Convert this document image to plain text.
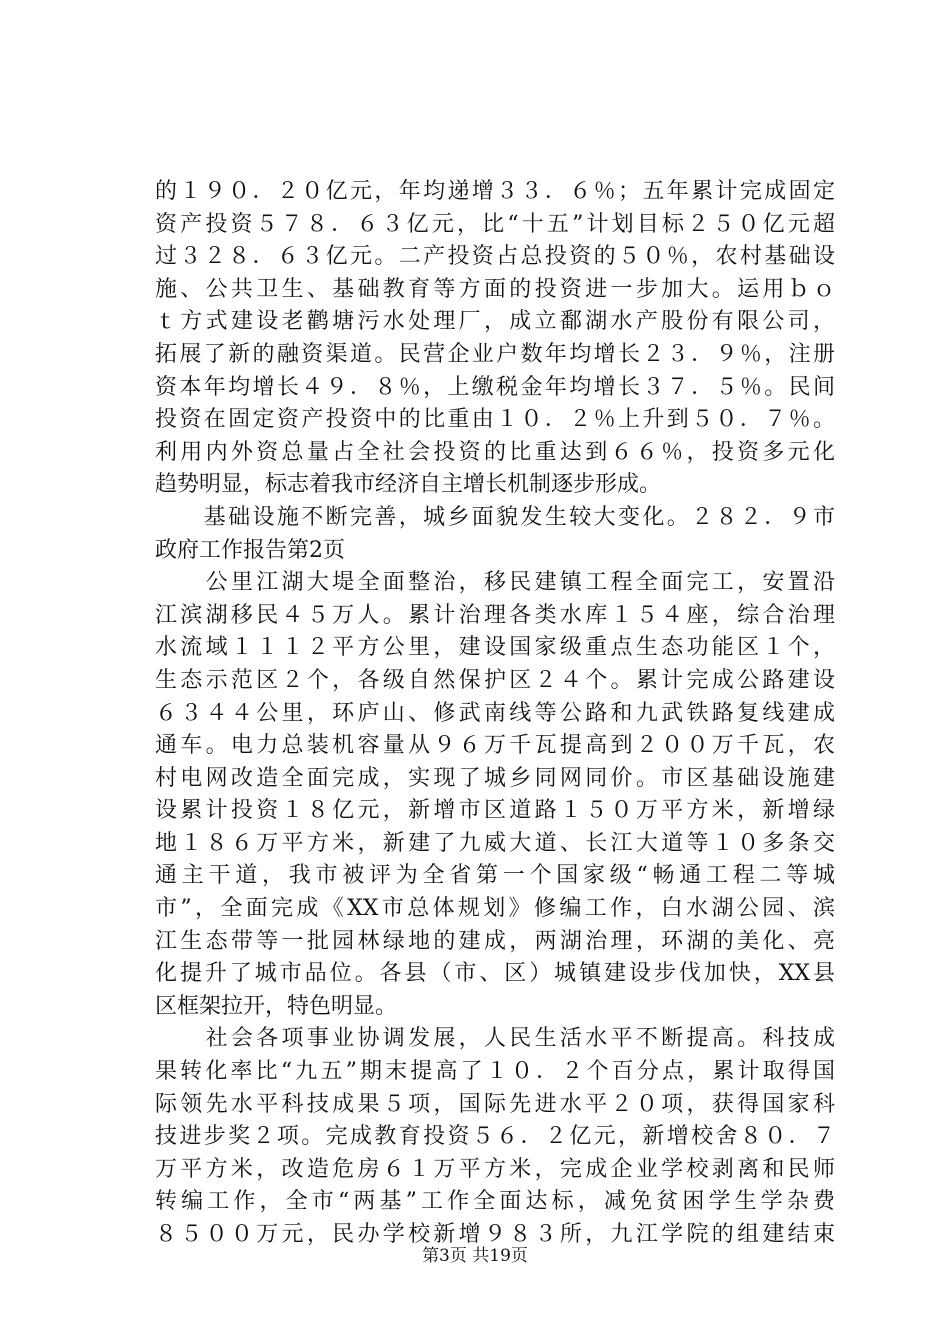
的１９０．２０亿元，年均递增３３．６％；五年累计完成固定
资产投资５７８．６３亿元，比“十五”计划目标２５０亿元超
过３２８．６３亿元。二产投资占总投资的５０％，农村基础设
施、公共卫生、基础教育等方面的投资进一步加大。运用ｂｏ
ｔ方式建设老鹳塘污水处理厂，成立鄱湖水产股份有限公司，
拓展了新的融资渠道。民营企业户数年均增长２３．９％，注册
资本年均增长４９．８％，上缴税金年均增长３７．５％。民间
投资在固定资产投资中的比重由１０．２％上升到５０．７％。
利用内外资总量占全社会投资的比重达到６６％，投资多元化
趋势明显，标志着我市经济自主增长机制逐步形成。
　　基础设施不断完善，城乡面貌发生较大变化。２８２．９市
政府工作报告第2页
　　公里江湖大堤全面整治，移民建镇工程全面完工，安置沿
江滨湖移民４５万人。累计治理各类水库１５４座，综合治理
水流域１１１２平方公里，建设国家级重点生态功能区１个，
生态示范区２个，各级自然保护区２４个。累计完成公路建设
６３４４公里，环庐山、修武南线等公路和九武铁路复线建成
通车。电力总装机容量从９６万千瓦提高到２００万千瓦，农
村电网改造全面完成，实现了城乡同网同价。市区基础设施建
设累计投资１８亿元，新增市区道路１５０万平方米，新增绿
地１８６万平方米，新建了九威大道、长江大道等１０多条交
通主干道，我市被评为全省第一个国家级“畅通工程二等城
市”，全面完成《XX市总体规划》修编工作，白水湖公园、滨
江生态带等一批园林绿地的建成，两湖治理，环湖的美化、亮
化提升了城市品位。各县（市、区）城镇建设步伐加快，XX县
区框架拉开，特色明显。
　　社会各项事业协调发展，人民生活水平不断提高。科技成
果转化率比“九五”期末提高了１０．２个百分点，累计取得国
际领先水平科技成果５项，国际先进水平２０项，获得国家科
技进步奖２项。完成教育投资５６．２亿元，新增校舍８０．７
万平方米，改造危房６１万平方米，完成企业学校剥离和民师
转编工作，全市“两基”工作全面达标，减免贫困学生学杂费
８５００万元，民办学校新增９８３所，九江学院的组建结束
第3页 共19页
